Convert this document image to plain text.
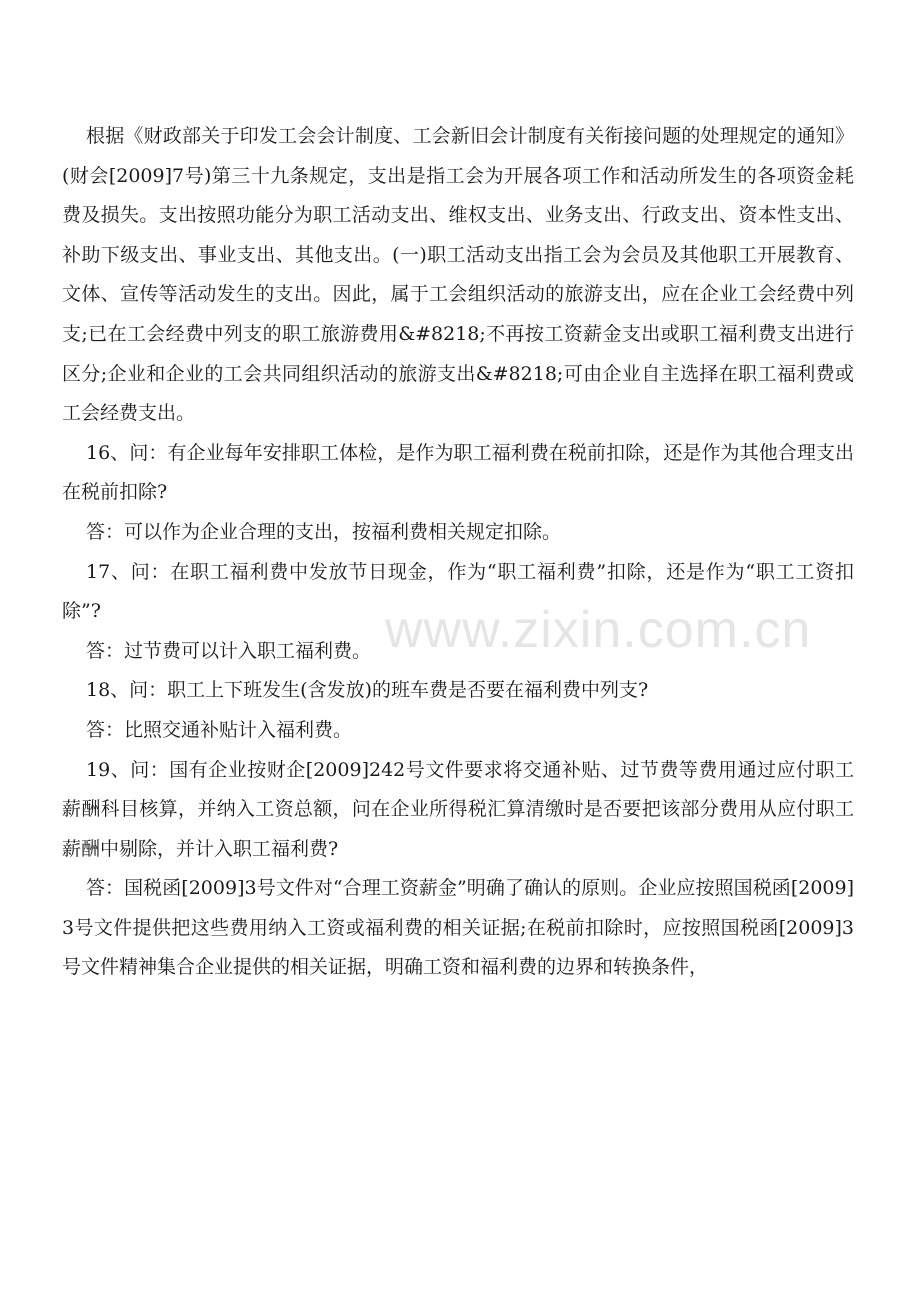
根据《财政部关于印发工会会计制度、工会新旧会计制度有关衔接问题的处理规定的通知》(财会[2009]7号)第三十九条规定，支出是指工会为开展各项工作和活动所发生的各项资金耗费及损失。支出按照功能分为职工活动支出、维权支出、业务支出、行政支出、资本性支出、补助下级支出、事业支出、其他支出。(一)职工活动支出指工会为会员及其他职工开展教育、文体、宣传等活动发生的支出。因此，属于工会组织活动的旅游支出，应在企业工会经费中列支;已在工会经费中列支的职工旅游费用&#8218;不再按工资薪金支出或职工福利费支出进行区分;企业和企业的工会共同组织活动的旅游支出&#8218;可由企业自主选择在职工福利费或工会经费支出。

16、问：有企业每年安排职工体检，是作为职工福利费在税前扣除，还是作为其他合理支出在税前扣除?

答：可以作为企业合理的支出，按福利费相关规定扣除。

17、问：在职工福利费中发放节日现金，作为“职工福利费”扣除，还是作为“职工工资扣除”?

答：过节费可以计入职工福利费。

18、问：职工上下班发生(含发放)的班车费是否要在福利费中列支?

答：比照交通补贴计入福利费。

19、问：国有企业按财企[2009]242号文件要求将交通补贴、过节费等费用通过应付职工薪酬科目核算，并纳入工资总额，问在企业所得税汇算清缴时是否要把该部分费用从应付职工薪酬中剔除，并计入职工福利费?

答：国税函[2009]3号文件对“合理工资薪金”明确了确认的原则。企业应按照国税函[2009]3号文件提供把这些费用纳入工资或福利费的相关证据;在税前扣除时，应按照国税函[2009]3号文件精神集合企业提供的相关证据，明确工资和福利费的边界和转换条件，

www.zixin.com.cn
